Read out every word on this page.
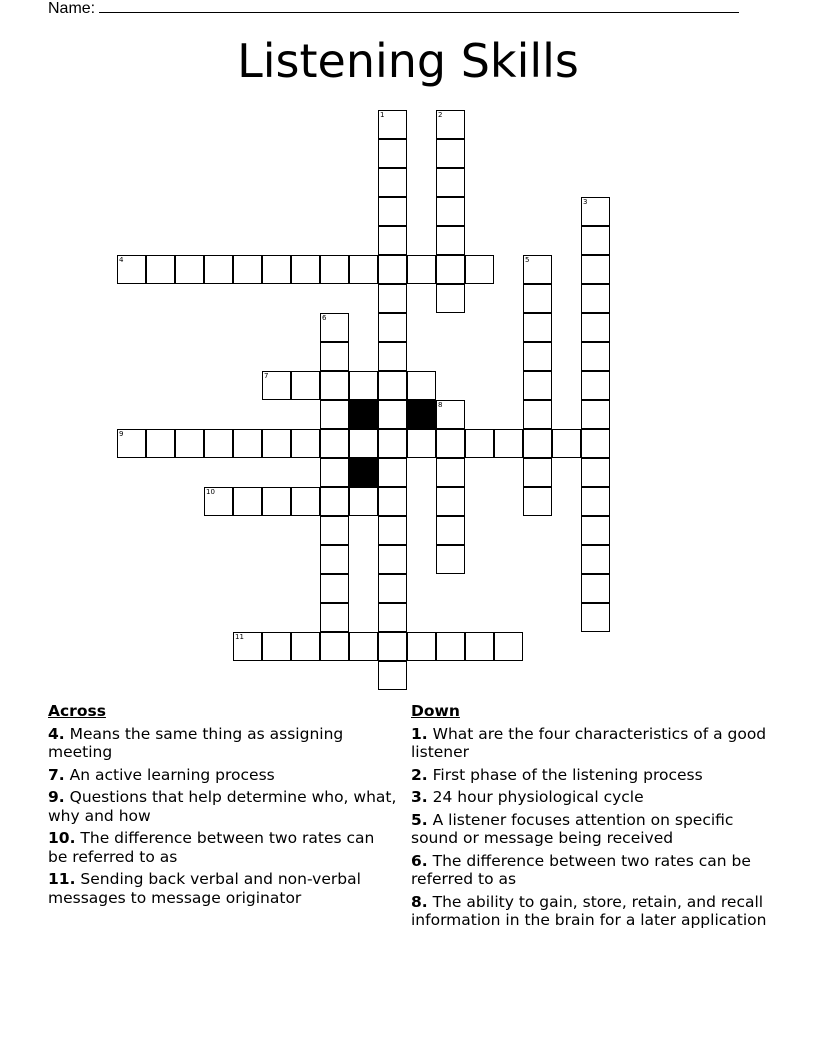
Name:
Listening Skills
1	2
3
4	5
6
7
8
9
10
11
Across
4. Means the same thing as assigning meeting
7. An active learning process
9. Questions that help determine who, what, why and how
10. The difference between two rates can be referred to as
11. Sending back verbal and non-verbal messages to message originator
Down
1. What are the four characteristics of a good listener
2. First phase of the listening process
3. 24 hour physiological cycle
5. A listener focuses attention on specific sound or message being received
6. The difference between two rates can be referred to as
8. The ability to gain, store, retain, and recall information in the brain for a later application
